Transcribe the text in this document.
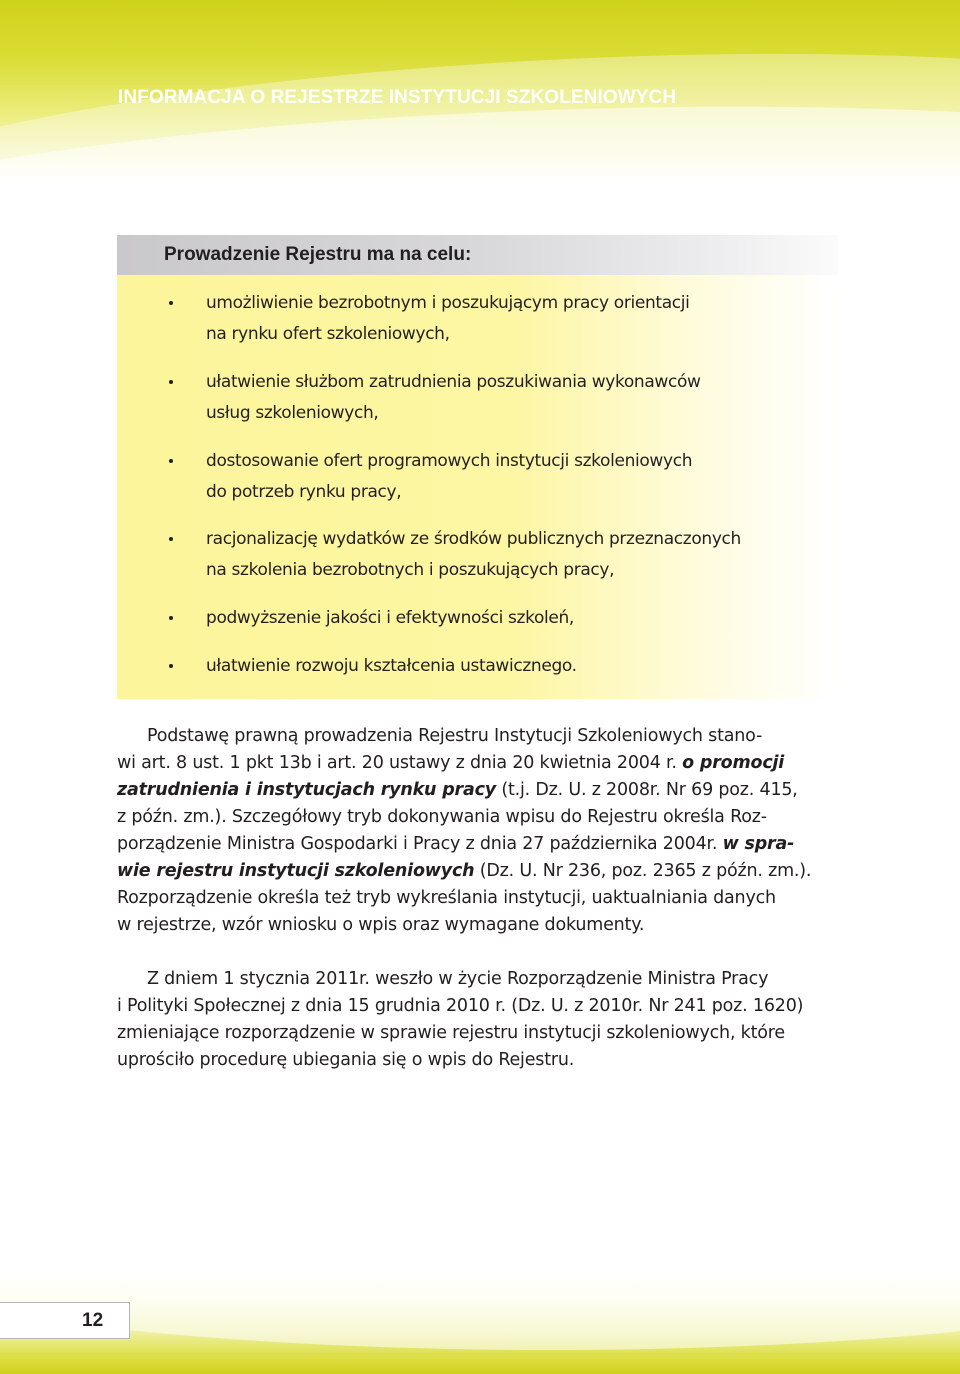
INFORMACJA O REJESTRZE INSTYTUCJI SZKOLENIOWYCH
Prowadzenie Rejestru ma na celu:
umożliwienie bezrobotnym i poszukującym pracy orientacji
na rynku ofert szkoleniowych,
ułatwienie służbom zatrudnienia poszukiwania wykonawców
usług szkoleniowych,
dostosowanie ofert programowych instytucji szkoleniowych
do potrzeb rynku pracy,
racjonalizację wydatków ze środków publicznych przeznaczonych
na szkolenia bezrobotnych i poszukujących pracy,
podwyższenie jakości i efektywności szkoleń,
ułatwienie rozwoju kształcenia ustawicznego.
Podstawę prawną prowadzenia Rejestru Instytucji Szkoleniowych stano-
wi art. 8 ust. 1 pkt 13b i art. 20 ustawy z dnia 20 kwietnia 2004 r. o promocji
zatrudnienia i instytucjach rynku pracy (t.j. Dz. U. z 2008r. Nr 69 poz. 415,
z późn. zm.). Szczegółowy tryb dokonywania wpisu do Rejestru określa Roz-
porządzenie Ministra Gospodarki i Pracy z dnia 27 października 2004r. w spra-
wie rejestru instytucji szkoleniowych (Dz. U. Nr 236, poz. 2365 z późn. zm.).
Rozporządzenie określa też tryb wykreślania instytucji, uaktualniania danych
w rejestrze, wzór wniosku o wpis oraz wymagane dokumenty.
Z dniem 1 stycznia 2011r. weszło w życie Rozporządzenie Ministra Pracy
i Polityki Społecznej z dnia 15 grudnia 2010 r. (Dz. U. z 2010r. Nr 241 poz. 1620)
zmieniające rozporządzenie w sprawie rejestru instytucji szkoleniowych, które
uprościło procedurę ubiegania się o wpis do Rejestru.
12
